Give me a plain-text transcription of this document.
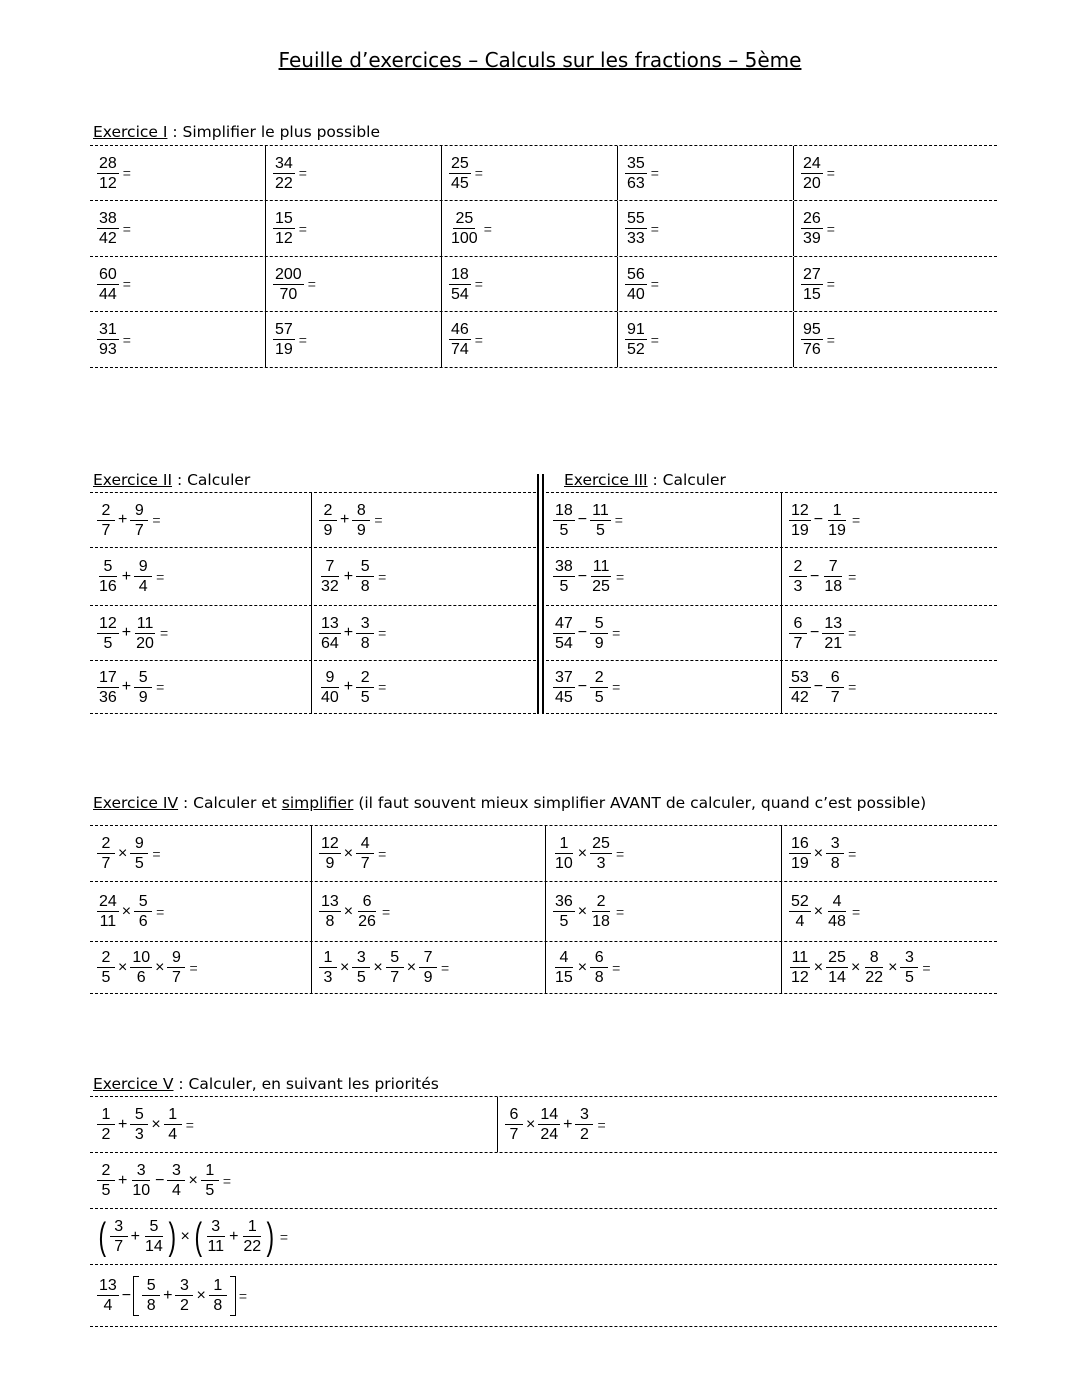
Feuille d’exercices – Calculs sur les fractions – 5ème
Exercice I : Simplifier le plus possible
$\frac{28}{12}$ =	$\frac{34}{22}$ =	$\frac{25}{45}$ =	$\frac{35}{63}$ =	$\frac{24}{20}$ =
$\frac{38}{42}$ =	$\frac{15}{12}$ =	$\frac{25}{100}$ =	$\frac{55}{33}$ =	$\frac{26}{39}$ =
$\frac{60}{44}$ =	$\frac{200}{70}$ =	$\frac{18}{54}$ =	$\frac{56}{40}$ =	$\frac{27}{15}$ =
$\frac{31}{93}$ =	$\frac{57}{19}$ =	$\frac{46}{74}$ =	$\frac{91}{52}$ =	$\frac{95}{76}$ =
Exercice II : Calculer
$\frac{2}{7} + \frac{9}{7}$ =	$\frac{2}{9} + \frac{8}{9}$ =
$\frac{5}{16} + \frac{9}{4}$ =	$\frac{7}{32} + \frac{5}{8}$ =
$\frac{12}{5} + \frac{11}{20}$ =	$\frac{13}{64} + \frac{3}{8}$ =
$\frac{17}{36} + \frac{5}{9}$ =	$\frac{9}{40} + \frac{2}{5}$ =
Exercice III : Calculer
$\frac{18}{5} - \frac{11}{5}$ =	$\frac{12}{19} - \frac{1}{19}$ =
$\frac{38}{5} - \frac{11}{25}$ =	$\frac{2}{3} - \frac{7}{18}$ =
$\frac{47}{54} - \frac{5}{9}$ =	$\frac{6}{7} - \frac{13}{21}$ =
$\frac{37}{45} - \frac{2}{5}$ =	$\frac{53}{42} - \frac{6}{7}$ =
Exercice IV : Calculer et simplifier (il faut souvent mieux simplifier AVANT de calculer, quand c’est possible)
$\frac{2}{7} \times \frac{9}{5}$ =	$\frac{12}{9} \times \frac{4}{7}$ =	$\frac{1}{10} \times \frac{25}{3}$ =	$\frac{16}{19} \times \frac{3}{8}$ =
$\frac{24}{11} \times \frac{5}{6}$ =	$\frac{13}{8} \times \frac{6}{26}$ =	$\frac{36}{5} \times \frac{2}{18}$ =	$\frac{52}{4} \times \frac{4}{48}$ =
$\frac{2}{5} \times \frac{10}{6} \times \frac{9}{7}$ =	$\frac{1}{3} \times \frac{3}{5} \times \frac{5}{7} \times \frac{7}{9}$ =	$\frac{4}{15} \times \frac{6}{8}$ =	$\frac{11}{12} \times \frac{25}{14} \times \frac{8}{22} \times \frac{3}{5}$ =
Exercice V : Calculer, en suivant les priorités
$\frac{1}{2} + \frac{5}{3} \times \frac{1}{4}$ =	$\frac{6}{7} \times \frac{14}{24} + \frac{3}{2}$ =
$\frac{2}{5} + \frac{3}{10} - \frac{3}{4} \times \frac{1}{5}$ =
( $\frac{3}{7} + \frac{5}{14}$ ) × ( $\frac{3}{11} + \frac{1}{22}$ ) =
$\frac{13}{4} - \frac{5}{8} + \frac{3}{2} \times \frac{1}{8}$ =
